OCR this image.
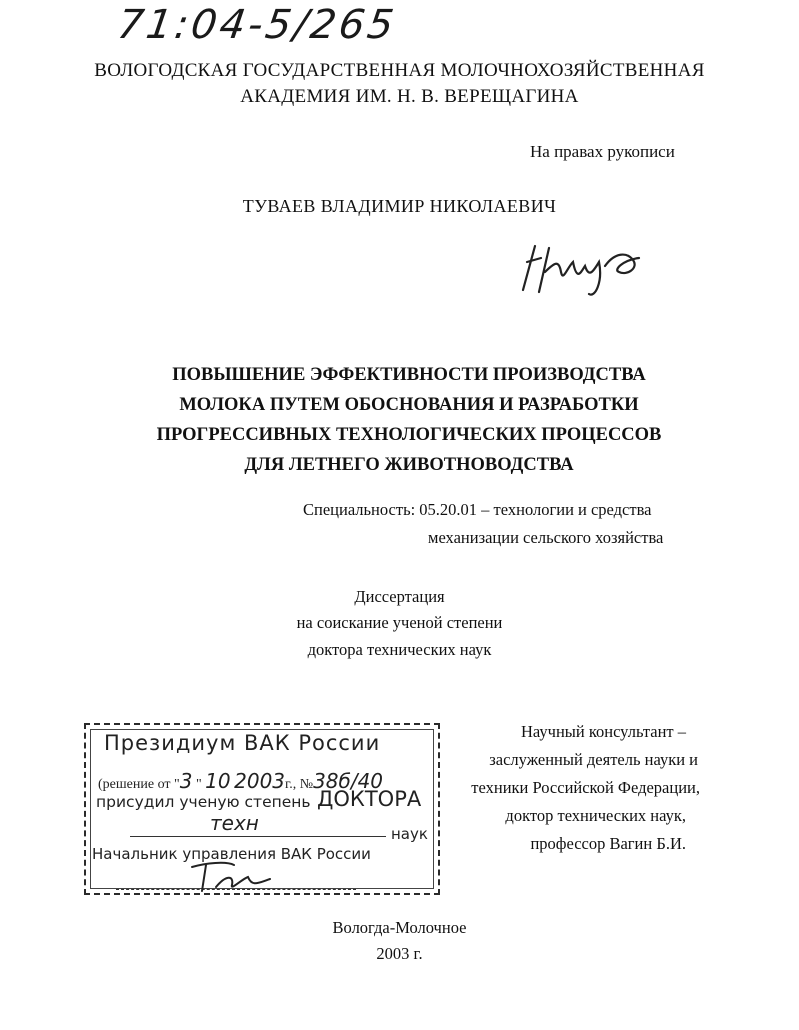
71:04-5/265
ВОЛОГОДСКАЯ ГОСУДАРСТВЕННАЯ МОЛОЧНОХОЗЯЙСТВЕННАЯ
АКАДЕМИЯ ИМ. Н. В. ВЕРЕЩАГИНА
На правах рукописи
ТУВАЕВ ВЛАДИМИР НИКОЛАЕВИЧ
ПОВЫШЕНИЕ ЭФФЕКТИВНОСТИ ПРОИЗВОДСТВА
МОЛОКА ПУТЕМ ОБОСНОВАНИЯ И РАЗРАБОТКИ
ПРОГРЕССИВНЫХ ТЕХНОЛОГИЧЕСКИХ ПРОЦЕССОВ
ДЛЯ ЛЕТНЕГО ЖИВОТНОВОДСТВА
Специальность: 05.20.01 – технологии и средства
механизации сельского хозяйства
Диссертация
на соискание ученой степени
доктора технических наук
Научный консультант –
заслуженный деятель науки и
техники Российской Федерации,
доктор технических наук,
профессор Вагин Б.И.
Президиум ВАК России
(решение от "3 " 10 2003г., №38б/40
присудил ученую степень ДОКТОРА
техн	наук
Начальник управления ВАК России
Вологда-Молочное
2003 г.
